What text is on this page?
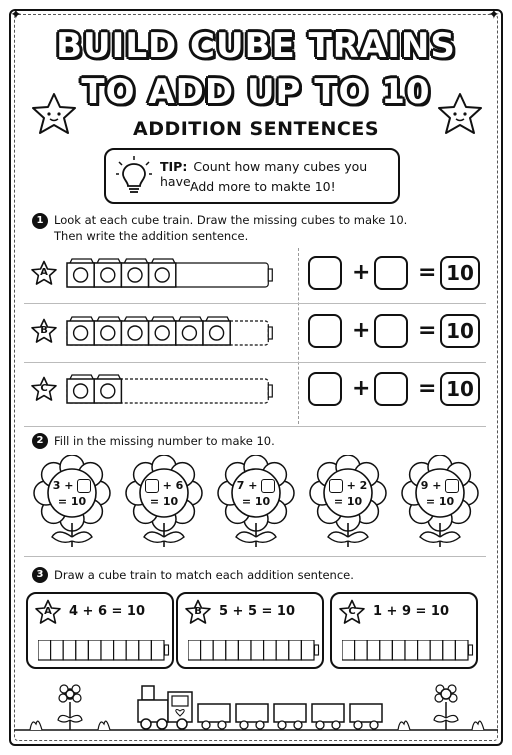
✦	✦
BUILD CUBE TRAINS
TO ADD UP TO 10
ADDITION SENTENCES
TIP: Count how many cubes you have.
Add more to makte 10!
1 Look at each cube train. Draw the missing cubes to make 10.
Then write the addition sentence.
A	+ = 10
B	+ = 10
C	+ = 10
2 Fill in the missing number to make 10.
3 +
= 10
+ 6
= 10
7 +
= 10
+ 2
= 10
9 +
= 10
3 Draw a cube train to match each addition sentence.
A	4 + 6 = 10	B	5 + 5 = 10	C	1 + 9 = 10
